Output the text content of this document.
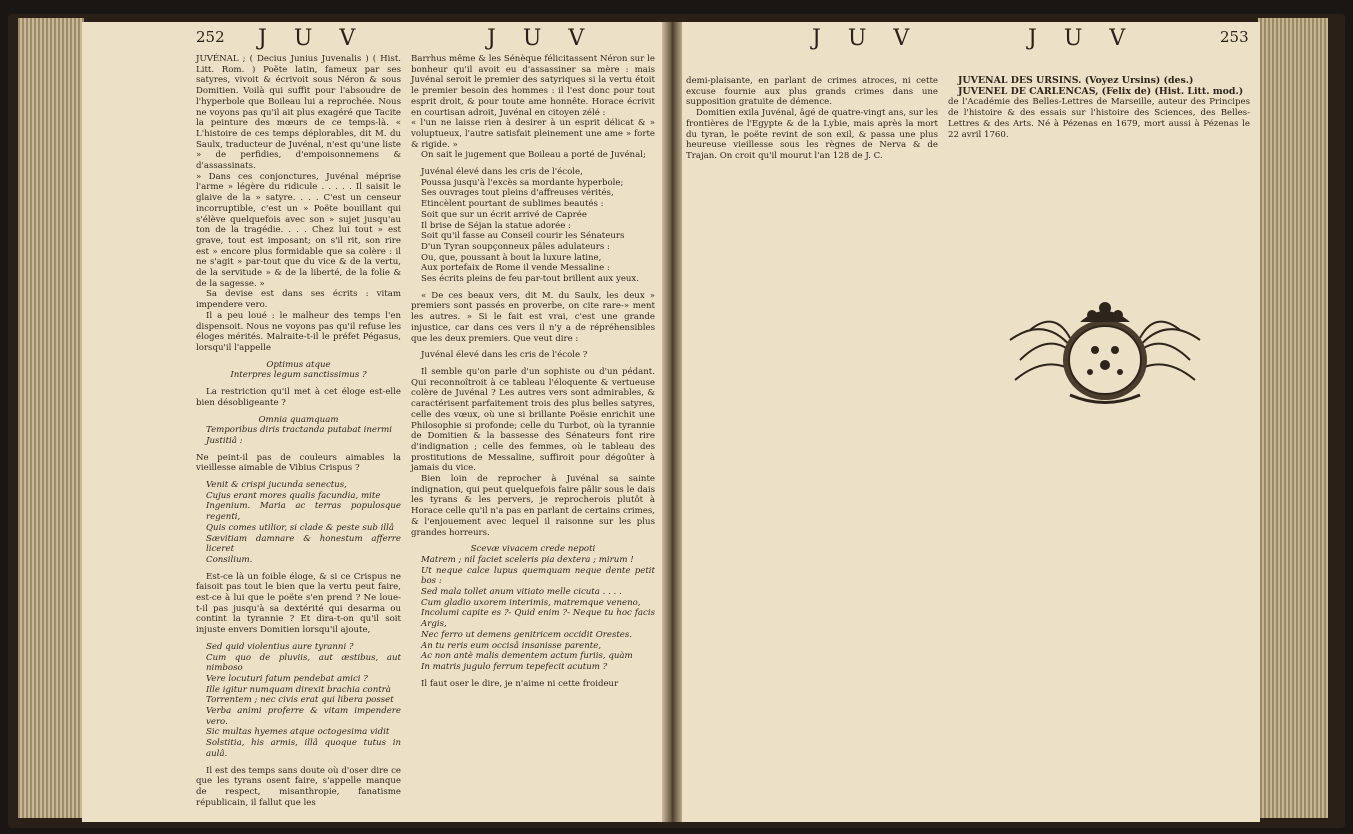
252 J U V	J U V

JUVÉNAL ; ( Decius Junius Juvenalis ) ( Hist. Litt. Rom. ) Poëte latin, fameux par ses satyres, vivoit & écrivoit sous Néron & sous Domitien. Voilà qui suffit pour l'absoudre de l'hyperbole que Boileau lui a reprochée. Nous ne voyons pas qu'il ait plus exagéré que Tacite la peinture des mœurs de ce temps-là. « L'histoire de ces temps déplorables, dit M. du Saulx, traducteur de Juvénal, n'est qu'une liste » de perfidies, d'empoisonnemens & d'assassinats.

» Dans ces conjonctures, Juvénal méprise l'arme » légère du ridicule . . . . . Il saisit le glaive de la » satyre. . . . C'est un censeur incorruptible, c'est un » Poëte bouillant qui s'élève quelquefois avec son » sujet jusqu'au ton de la tragédie. . . . Chez lui tout » est grave, tout est imposant; on s'il rit, son rire est » encore plus formidable que sa colère : il ne s'agit » par-tout que du vice & de la vertu, de la servitude » & de la liberté, de la folie & de la sagesse. »

Sa devise est dans ses écrits : vitam impendere vero.

Il a peu loué : le malheur des temps l'en dispensoit. Nous ne voyons pas qu'il refuse les éloges mérités. Malraite-t-il le préfet Pégasus, lorsqu'il l'appelle

Optimus atque

Interpres legum sanctissimus ?

La restriction qu'il met à cet éloge est-elle bien désobligeante ?

Omnia quamquam

Temporibus diris tractanda putabat inermi

Justitiâ :

Ne peint-il pas de couleurs aimables la vieillesse aimable de Vibius Crispus ?

Venit & crispi jucunda senectus,

Cujus erant mores qualis facundia, mite

Ingenium. Maria ac terras populosque regenti,

Quis comes utilior, si clade & peste sub illâ

Sævitiam damnare & honestum afferre liceret

Consilium.

Est-ce là un foible éloge, & si ce Crispus ne faisoit pas tout le bien que la vertu peut faire, est-ce à lui que le poëte s'en prend ? Ne loue-t-il pas jusqu'à sa dextérité qui desarma ou contint la tyrannie ? Et dira-t-on qu'il soit injuste envers Domitien lorsqu'il ajoute,

Sed quid violentius aure tyranni ?

Cum quo de pluviis, aut æstibus, aut nimboso

Vere locuturi fatum pendebat amici ?

Ille igitur numquam direxit brachia contrà

Torrentem ; nec civis erat qui libera posset

Verba animi proferre & vitam impendere vero.

Sic multas hyemes atque octogesima vidit

Solstitia, his armis, illâ quoque tutus in aulâ.

Il est des temps sans doute où d'oser dire ce que les tyrans osent faire, s'appelle manque de respect, misanthropie, fanatisme républicain, il fallut que les

Barrhus même & les Sénèque félicitassent Néron sur le bonheur qu'il avoit eu d'assassiner sa mère : mais Juvénal seroit le premier des satyriques si la vertu étoit le premier besoin des hommes : il l'est donc pour tout esprit droit, & pour toute ame honnête. Horace écrivit en courtisan adroit, Juvénal en citoyen zélé :

« l'un ne laisse rien à desirer à un esprit délicat & » voluptueux, l'autre satisfait pleinement une ame » forte & rigide. »

On sait le jugement que Boileau a porté de Juvénal;

Juvénal élevé dans les cris de l'école,

Poussa jusqu'à l'excès sa mordante hyperbole;

Ses ouvrages tout pleins d'affreuses vérités,

Etincèlent pourtant de sublimes beautés :

Soit que sur un écrit arrivé de Caprée

Il brise de Séjan la statue adorée :

Soit qu'il fasse au Conseil courir les Sénateurs

D'un Tyran soupçonneux pâles adulateurs :

Ou, que, poussant à bout la luxure latine,

Aux portefaix de Rome il vende Messaline :

Ses écrits pleins de feu par-tout brillent aux yeux.

« De ces beaux vers, dit M. du Saulx, les deux » premiers sont passés en proverbe, on cite rare-» ment les autres. » Si le fait est vrai, c'est une grande injustice, car dans ces vers il n'y a de répréhensibles que les deux premiers. Que veut dire :

Juvénal élevé dans les cris de l'école ?

Il semble qu'on parle d'un sophiste ou d'un pédant. Qui reconnoîtroit à ce tableau l'éloquente & vertueuse colère de Juvénal ? Les autres vers sont admirables, & caractérisent parfaitement trois des plus belles satyres, celle des vœux, où une si brillante Poësie enrichit une Philosophie si profonde; celle du Turbot, où la tyrannie de Domitien & la bassesse des Sénateurs font rire d'indignation ; celle des femmes, où le tableau des prostitutions de Messaline, suffiroit pour dégoûter à jamais du vice.

Bien loin de reprocher à Juvénal sa sainte indignation, qui peut quelquefois faire pâlir sous le dais les tyrans & les pervers, je reprocherois plutôt à Horace celle qu'il n'a pas en parlant de certains crimes, & l'enjouement avec lequel il raisonne sur les plus grandes horreurs.

Scevæ vivacem crede nepoti

Matrem ; nil faciet sceleris pia dextera ; mirum !

Ut neque calce lupus quemquam neque dente petit bos :

Sed mala tollet anum vitiato melle cicuta . . . .

Cum gladio uxorem interimis, matremque veneno,

Incolumi capite es ?- Quid enim ?- Neque tu hoc facis Argis,

Nec ferro ut demens genitricem occidit Orestes.

An tu reris eum occisâ insanisse parente,

Ac non antè malis dementem actum furiis, quàm

In matris jugulo ferrum tepefecit acutum ?

Il faut oser le dire, je n'aime ni cette froideur

J U V	J U V	253

demi-plaisante, en parlant de crimes atroces, ni cette excuse fournie aux plus grands crimes dans une supposition gratuite de démence.

Domitien exila Juvénal, âgé de quatre-vingt ans, sur les frontières de l'Egypte & de la Lybie, mais après la mort du tyran, le poëte revint de son exil, & passa une plus heureuse vieillesse sous les règnes de Nerva & de Trajan. On croit qu'il mourut l'an 128 de J. C.

JUVENAL DES URSINS. (Voyez Ursins) (des.)

JUVENEL DE CARLENCAS, (Felix de) (Hist. Litt. mod.)

de l'Académie des Belles-Lettres de Marseille, auteur des Principes de l'histoire & des essais sur l'histoire des Sciences, des Belles-Lettres & des Arts. Né à Pézenas en 1679, mort aussi à Pézenas le 22 avril 1760.
